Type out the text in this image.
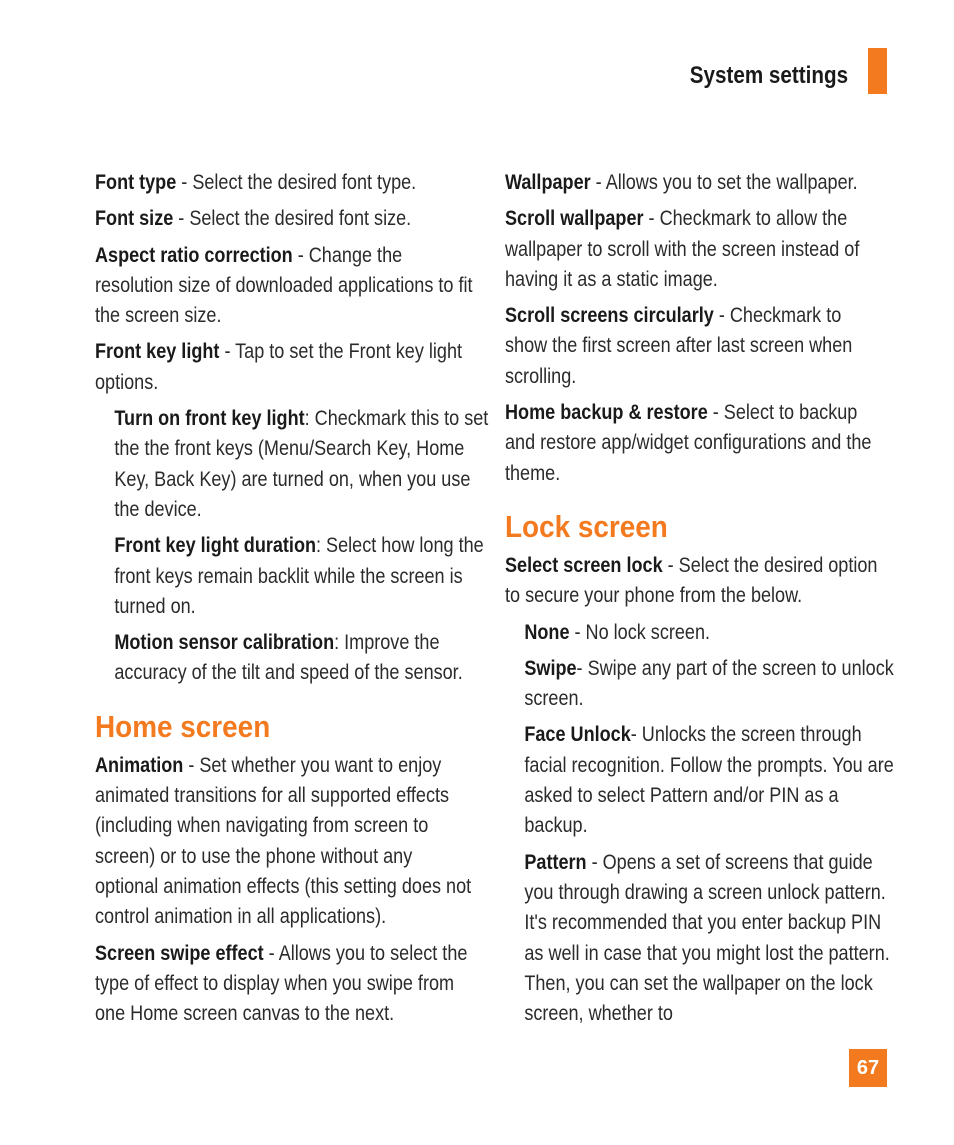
System settings

Font type - Select the desired font type.

Font size - Select the desired font size.

Aspect ratio correction - Change the resolution size of downloaded applications to fit the screen size.

Front key light - Tap to set the Front key light options.

Turn on front key light: Checkmark this to set the the front keys (Menu/Search Key, Home Key, Back Key) are turned on, when you use the device.

Front key light duration: Select how long the front keys remain backlit while the screen is turned on.

Motion sensor calibration: Improve the accuracy of the tilt and speed of the sensor.

Home screen

Animation - Set whether you want to enjoy animated transitions for all supported effects (including when navigating from screen to screen) or to use the phone without any optional animation effects (this setting does not control animation in all applications).

Screen swipe effect - Allows you to select the type of effect to display when you swipe from one Home screen canvas to the next.

Wallpaper - Allows you to set the wallpaper.

Scroll wallpaper - Checkmark to allow the wallpaper to scroll with the screen instead of having it as a static image.

Scroll screens circularly - Checkmark to show the first screen after last screen when scrolling.

Home backup & restore - Select to backup and restore app/widget configurations and the theme.

Lock screen

Select screen lock - Select the desired option to secure your phone from the below.

None - No lock screen.

Swipe- Swipe any part of the screen to unlock screen.

Face Unlock- Unlocks the screen through facial recognition. Follow the prompts. You are asked to select Pattern and/or PIN as a backup.

Pattern - Opens a set of screens that guide you through drawing a screen unlock pattern. It's recommended that you enter backup PIN as well in case that you might lost the pattern. Then, you can set the wallpaper on the lock screen, whether to

67
